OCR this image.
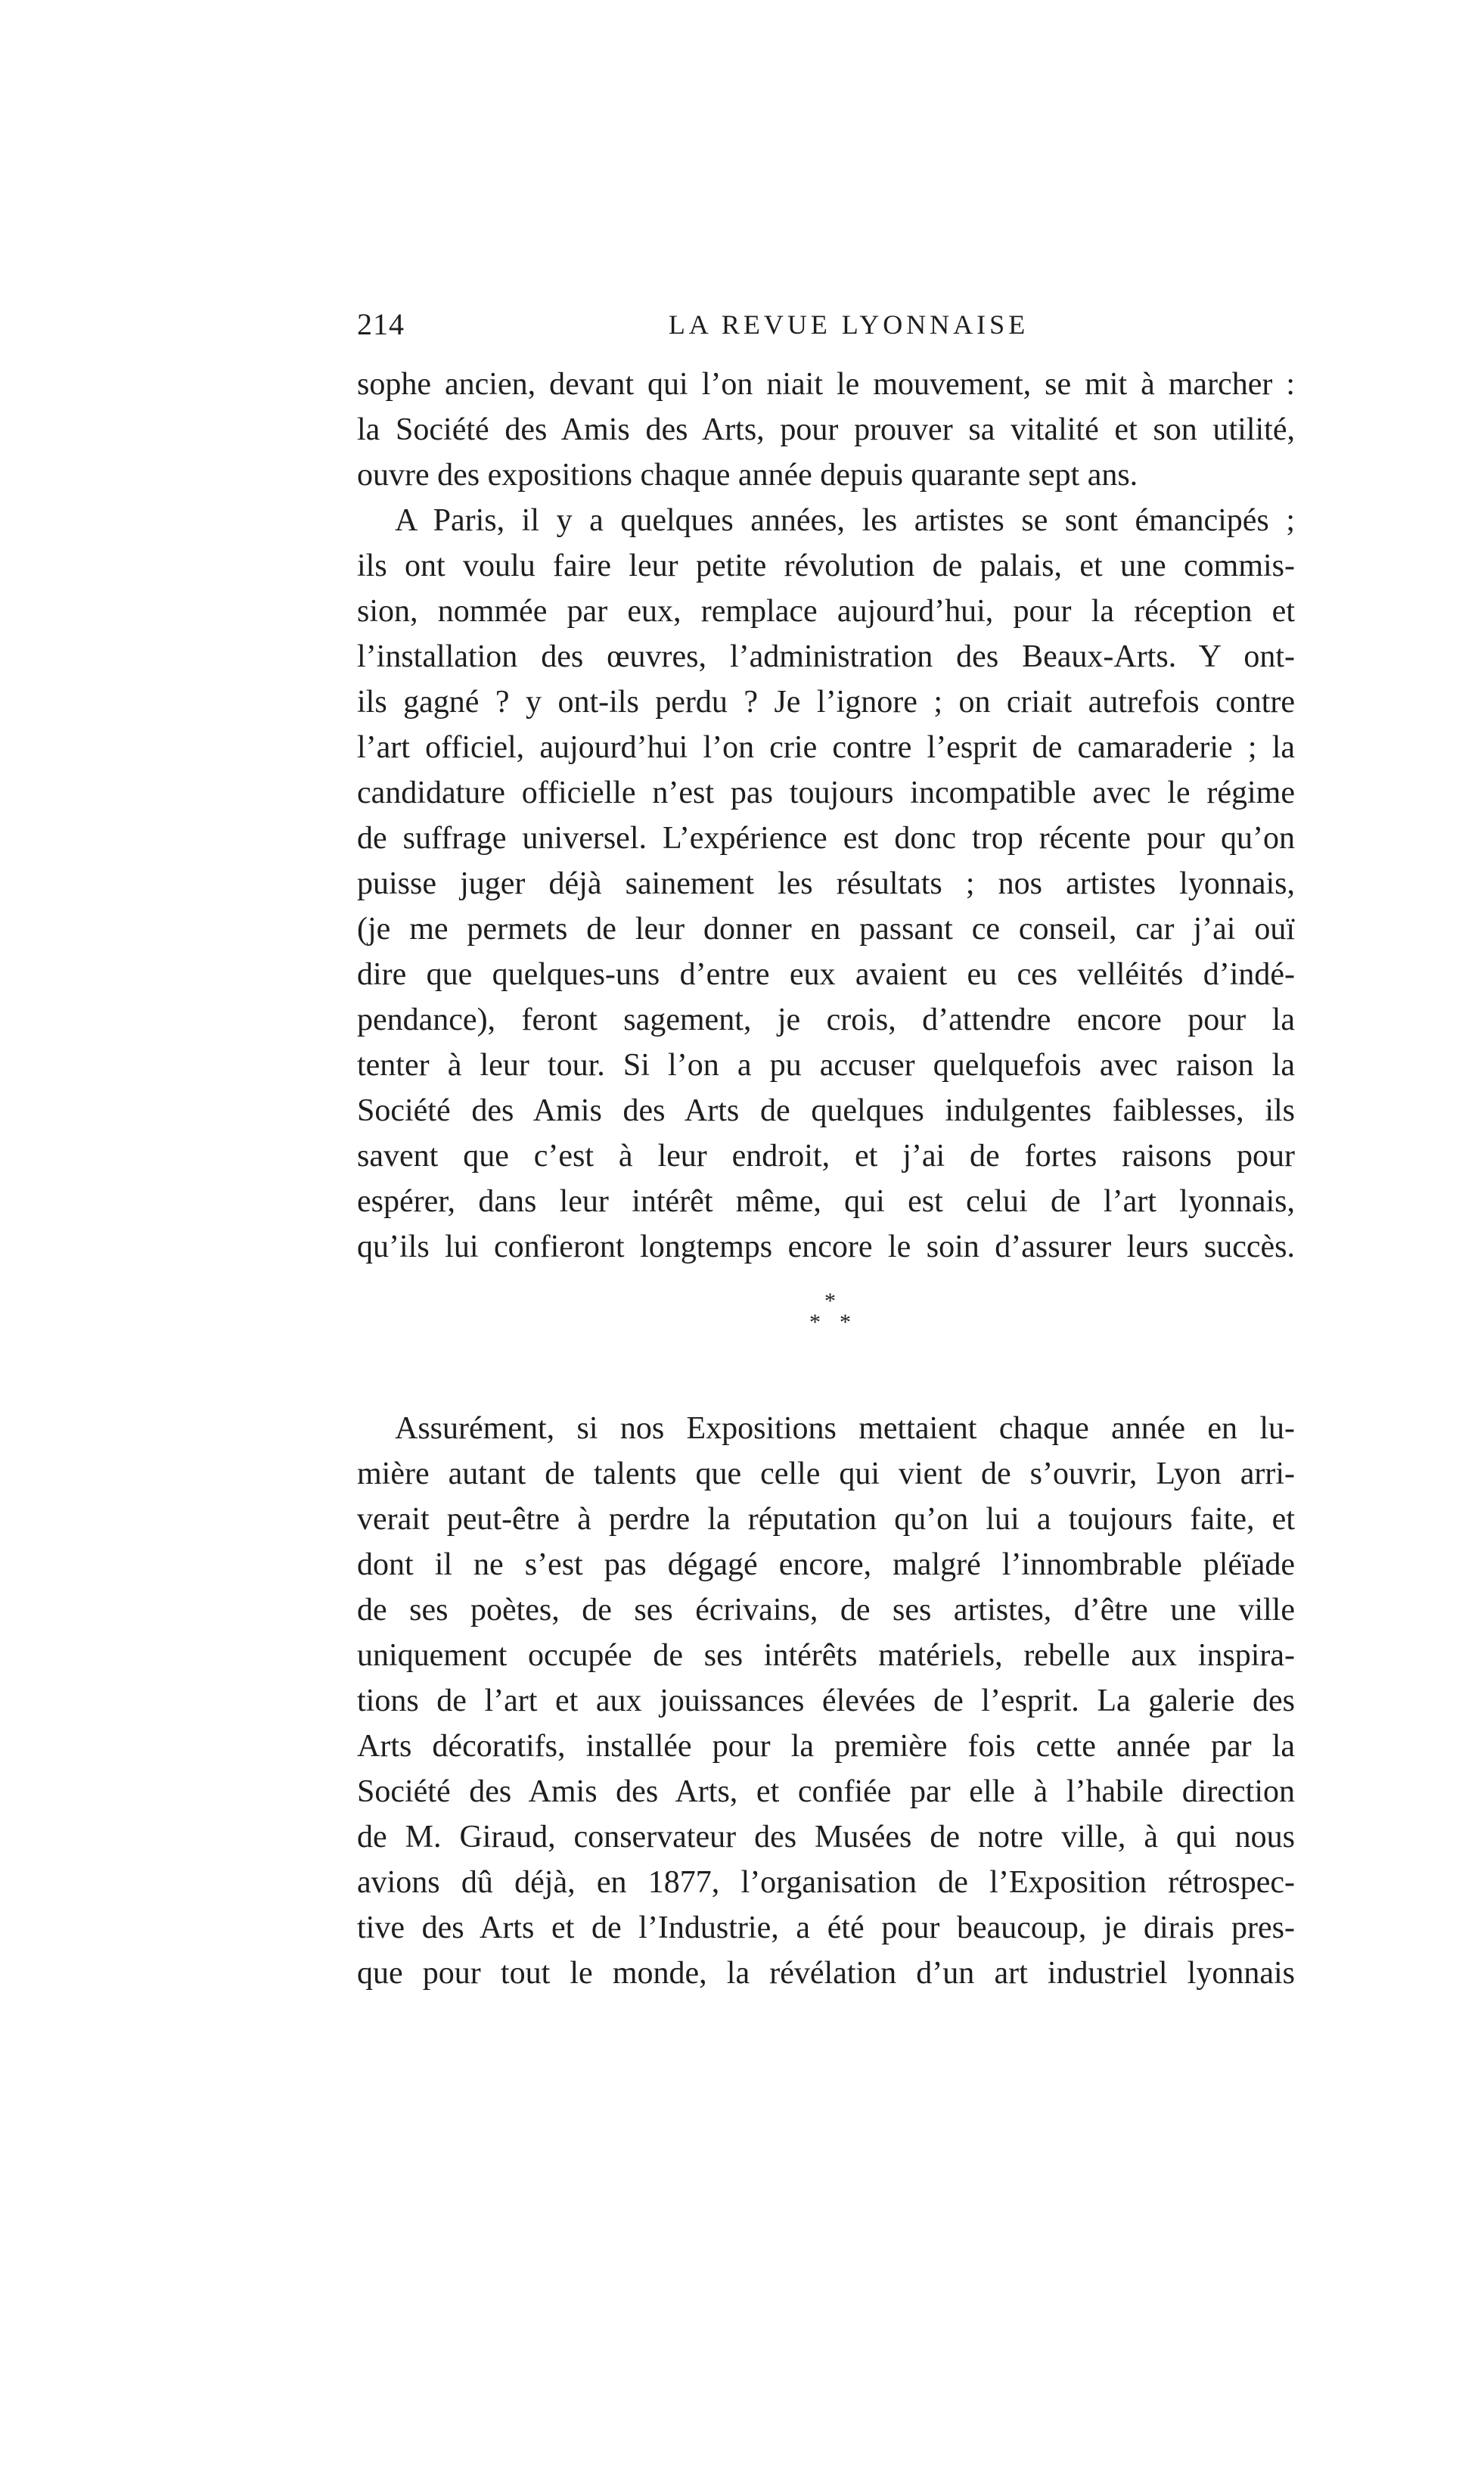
214	LA REVUE LYONNAISE
sophe ancien, devant qui l’on niait le mouvement, se mit à marcher :
la Société des Amis des Arts, pour prouver sa vitalité et son utilité,
ouvre des expositions chaque année depuis quarante sept ans.
A Paris, il y a quelques années, les artistes se sont émancipés ;
ils ont voulu faire leur petite révolution de palais, et une commis-
sion, nommée par eux, remplace aujourd’hui, pour la réception et
l’installation des œuvres, l’administration des Beaux-Arts. Y ont-
ils gagné ? y ont-ils perdu ? Je l’ignore ; on criait autrefois contre
l’art officiel, aujourd’hui l’on crie contre l’esprit de camaraderie ; la
candidature officielle n’est pas toujours incompatible avec le régime
de suffrage universel. L’expérience est donc trop récente pour qu’on
puisse juger déjà sainement les résultats ; nos artistes lyonnais,
(je me permets de leur donner en passant ce conseil, car j’ai ouï
dire que quelques-uns d’entre eux avaient eu ces velléités d’indé-
pendance), feront sagement, je crois, d’attendre encore pour la
tenter à leur tour. Si l’on a pu accuser quelquefois avec raison la
Société des Amis des Arts de quelques indulgentes faiblesses, ils
savent que c’est à leur endroit, et j’ai de fortes raisons pour
espérer, dans leur intérêt même, qui est celui de l’art lyonnais,
qu’ils lui confieront longtemps encore le soin d’assurer leurs succès.
*
* *
Assurément, si nos Expositions mettaient chaque année en lu-
mière autant de talents que celle qui vient de s’ouvrir, Lyon arri-
verait peut-être à perdre la réputation qu’on lui a toujours faite, et
dont il ne s’est pas dégagé encore, malgré l’innombrable pléïade
de ses poètes, de ses écrivains, de ses artistes, d’être une ville
uniquement occupée de ses intérêts matériels, rebelle aux inspira-
tions de l’art et aux jouissances élevées de l’esprit. La galerie des
Arts décoratifs, installée pour la première fois cette année par la
Société des Amis des Arts, et confiée par elle à l’habile direction
de M. Giraud, conservateur des Musées de notre ville, à qui nous
avions dû déjà, en 1877, l’organisation de l’Exposition rétrospec-
tive des Arts et de l’Industrie, a été pour beaucoup, je dirais pres-
que pour tout le monde, la révélation d’un art industriel lyonnais
